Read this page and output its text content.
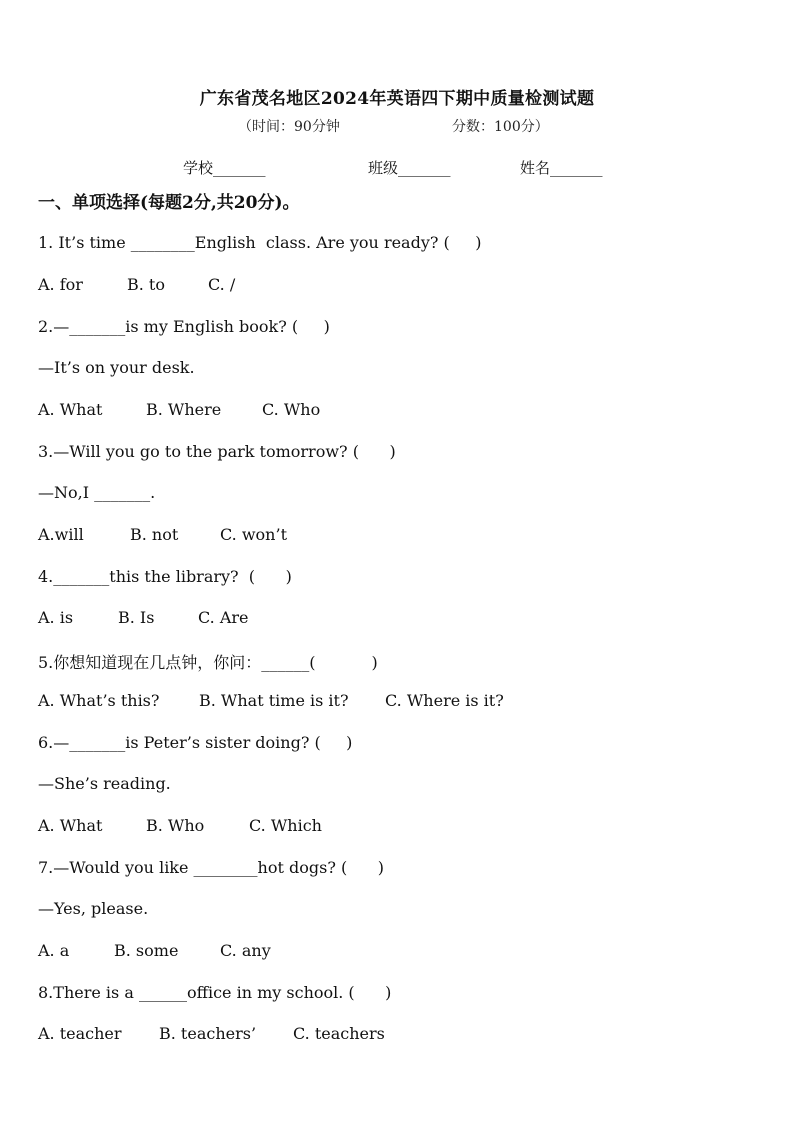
广东省茂名地区2024年英语四下期中质量检测试题
（时间：90分钟	分数：100分）
学校_______	班级_______	姓名_______
一、单项选择(每题2分,共20分)。
1. It’s time ________English  class. Are you ready? (     )
A. for	B. to	C. /
2.—_______is my English book? (     )
—It’s on your desk.
A. What	B. Where	C. Who
3.—Will you go to the park tomorrow? (      )
—No,I _______.
A.will	B. not	C. won’t
4._______this the library?  (      )
A. is	B. Is	C. Are
5.你想知道现在几点钟，你问：______(           )
A. What’s this? B. What time is it? C. Where is it?
6.—_______is Peter’s sister doing? (     )
—She’s reading.
A. What	B. Who	C. Which
7.—Would you like ________hot dogs? (      )
—Yes, please.
A. a	B. some	C. any
8.There is a ______office in my school. (      )
A. teacher B. teachers’ C. teachers
